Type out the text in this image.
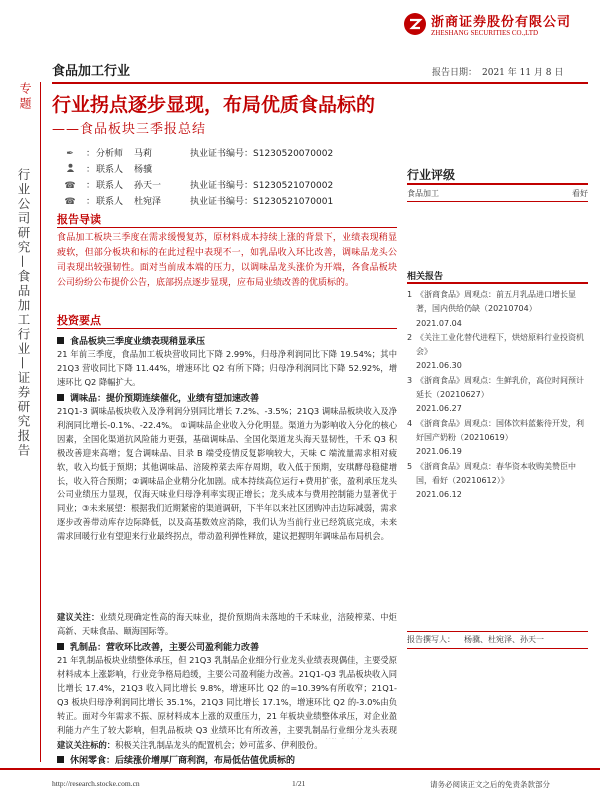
浙商证券股份有限公司
ZHESHANG SECURITIES CO.,LTD
食品加工行业	报告日期： 2021 年 11 月 8 日
专题
行业公司研究—食品加工行业—证券研究报告
行业拐点逐步显现，布局优质食品标的
——食品板块三季报总结
✒	： 分析师	马莉	执业证书编号： S1230520070002
： 联系人	杨骥
☎ ： 联系人	孙天一	执业证书编号： S1230521070002
☎ ： 联系人	杜宛泽	执业证书编号： S1230521070001
行业评级
食品加工	看好
相关报告
1 《浙商食品》周观点：前五月乳品进口增长显著，国内供给仍缺（20210704）
2021.07.04
2 《关注工业化替代进程下，烘焙原料行业投资机会》
2021.06.30
3 《浙商食品》周观点：生鲜乳价，高位时间预计延长（20210627）
2021.06.27
4 《浙商食品》周观点：国体饮料蓝紫待开发，利好国产奶粉（20210619）
2021.06.19
5 《浙商食品》周观点：春华资本收购美赞臣中国，看好（20210612）》
2021.06.12
报告撰写人： 杨骥、杜宛泽、孙天一
报告导读
食品加工板块三季度在需求缓慢复苏，原材料成本持续上涨的背景下，业绩表现稍显疲软，但部分板块和标的在此过程中表现不一，如乳品收入环比改善，调味品龙头公司表现出较强韧性。面对当前成本端的压力，以调味品龙头涨价为开端，各食品板块公司纷纷公布提价公告，底部拐点逐步显现，应布局业绩改善的优质标的。
投资要点
食品板块三季度业绩表现稍显承压
21 年前三季度，食品加工板块营收同比下降 2.99%，归母净利润同比下降 19.54%；其中 21Q3 营收同比下降 11.44%，增速环比 Q2 有所下降；归母净利润同比下降 52.92%，增速环比 Q2 降幅扩大。
调味品：提价预期连续催化，业绩有望加速改善
21Q1-3 调味品板块收入及净利润分别同比增长 7.2%、-3.5%；21Q3 调味品板块收入及净利润同比增长-0.1%、-22.4%。 ①调味品企业收入分化明显。渠道力为影响收入分化的核心因素，全国化渠道抗风险能力更强，基础调味品、全国化渠道龙头海天显韧性，千禾 Q3 积极改善迎来高增；复合调味品、目录 B 端受疫情反复影响较大，天味 C 端流量需求相对疲软，收入均低于预期；其他调味品、涪陵榨菜去库存周期，收入低于预期，安琪酵母稳健增长，收入符合预期；②调味品企业精分化加剧。成本持续高位运行+费用扩张，盈利承压龙头公司业绩压力显现，仅海天味业归母净利率实现正增长；龙头成本与费用控制能力显著优于同业；③未来展望：根据我们近期紧密的渠道调研，下半年以来社区团购冲击边际减弱，需求逐步改善带动库存边际降低，以及高基数效应消除，我们认为当前行业已经筑底完成，未来需求回暖行业有望迎来行业最终拐点，带动盈利弹性释放，建议把握明年调味品布局机会。
建议关注：业绩兑现确定性高的海天味业，提价预期尚未落地的千禾味业，涪陵榨菜、中炬高新、天味食品、颐海国际等。
乳制品：营收环比改善，主要公司盈利能力改善
21 年乳制品板块业绩整体承压，但 21Q3 乳制品企业细分行业龙头业绩表现偶佳，主要受原材料成本上涨影响，行业竞争格局趋缓，主要公司盈利能力改善。21Q1-Q3 乳品板块收入同比增长 17.4%，21Q3 收入同比增长 9.8%，增速环比 Q2 的=10.39%有所收窄；21Q1-Q3 板块归母净利润同比增长 35.1%，21Q3 同比增长 17.1%，增速环比 Q2 的-3.0%由负转正。面对今年需求不振、原材料成本上涨的双重压力，21 年板块业绩整体承压，对企业盈利能力产生了较大影响，但乳品板块 Q3 业绩环比有所改善，主要乳制品行业细分龙头表现
建议关注标的：积极关注乳制品龙头的配置机会；妙可蓝多、伊利股份。
休闲零食：后续涨价增厚厂商利润，布局低估值优质标的
http://research.stocke.com.cn	1/21	请务必阅读正文之后的免责条款部分
